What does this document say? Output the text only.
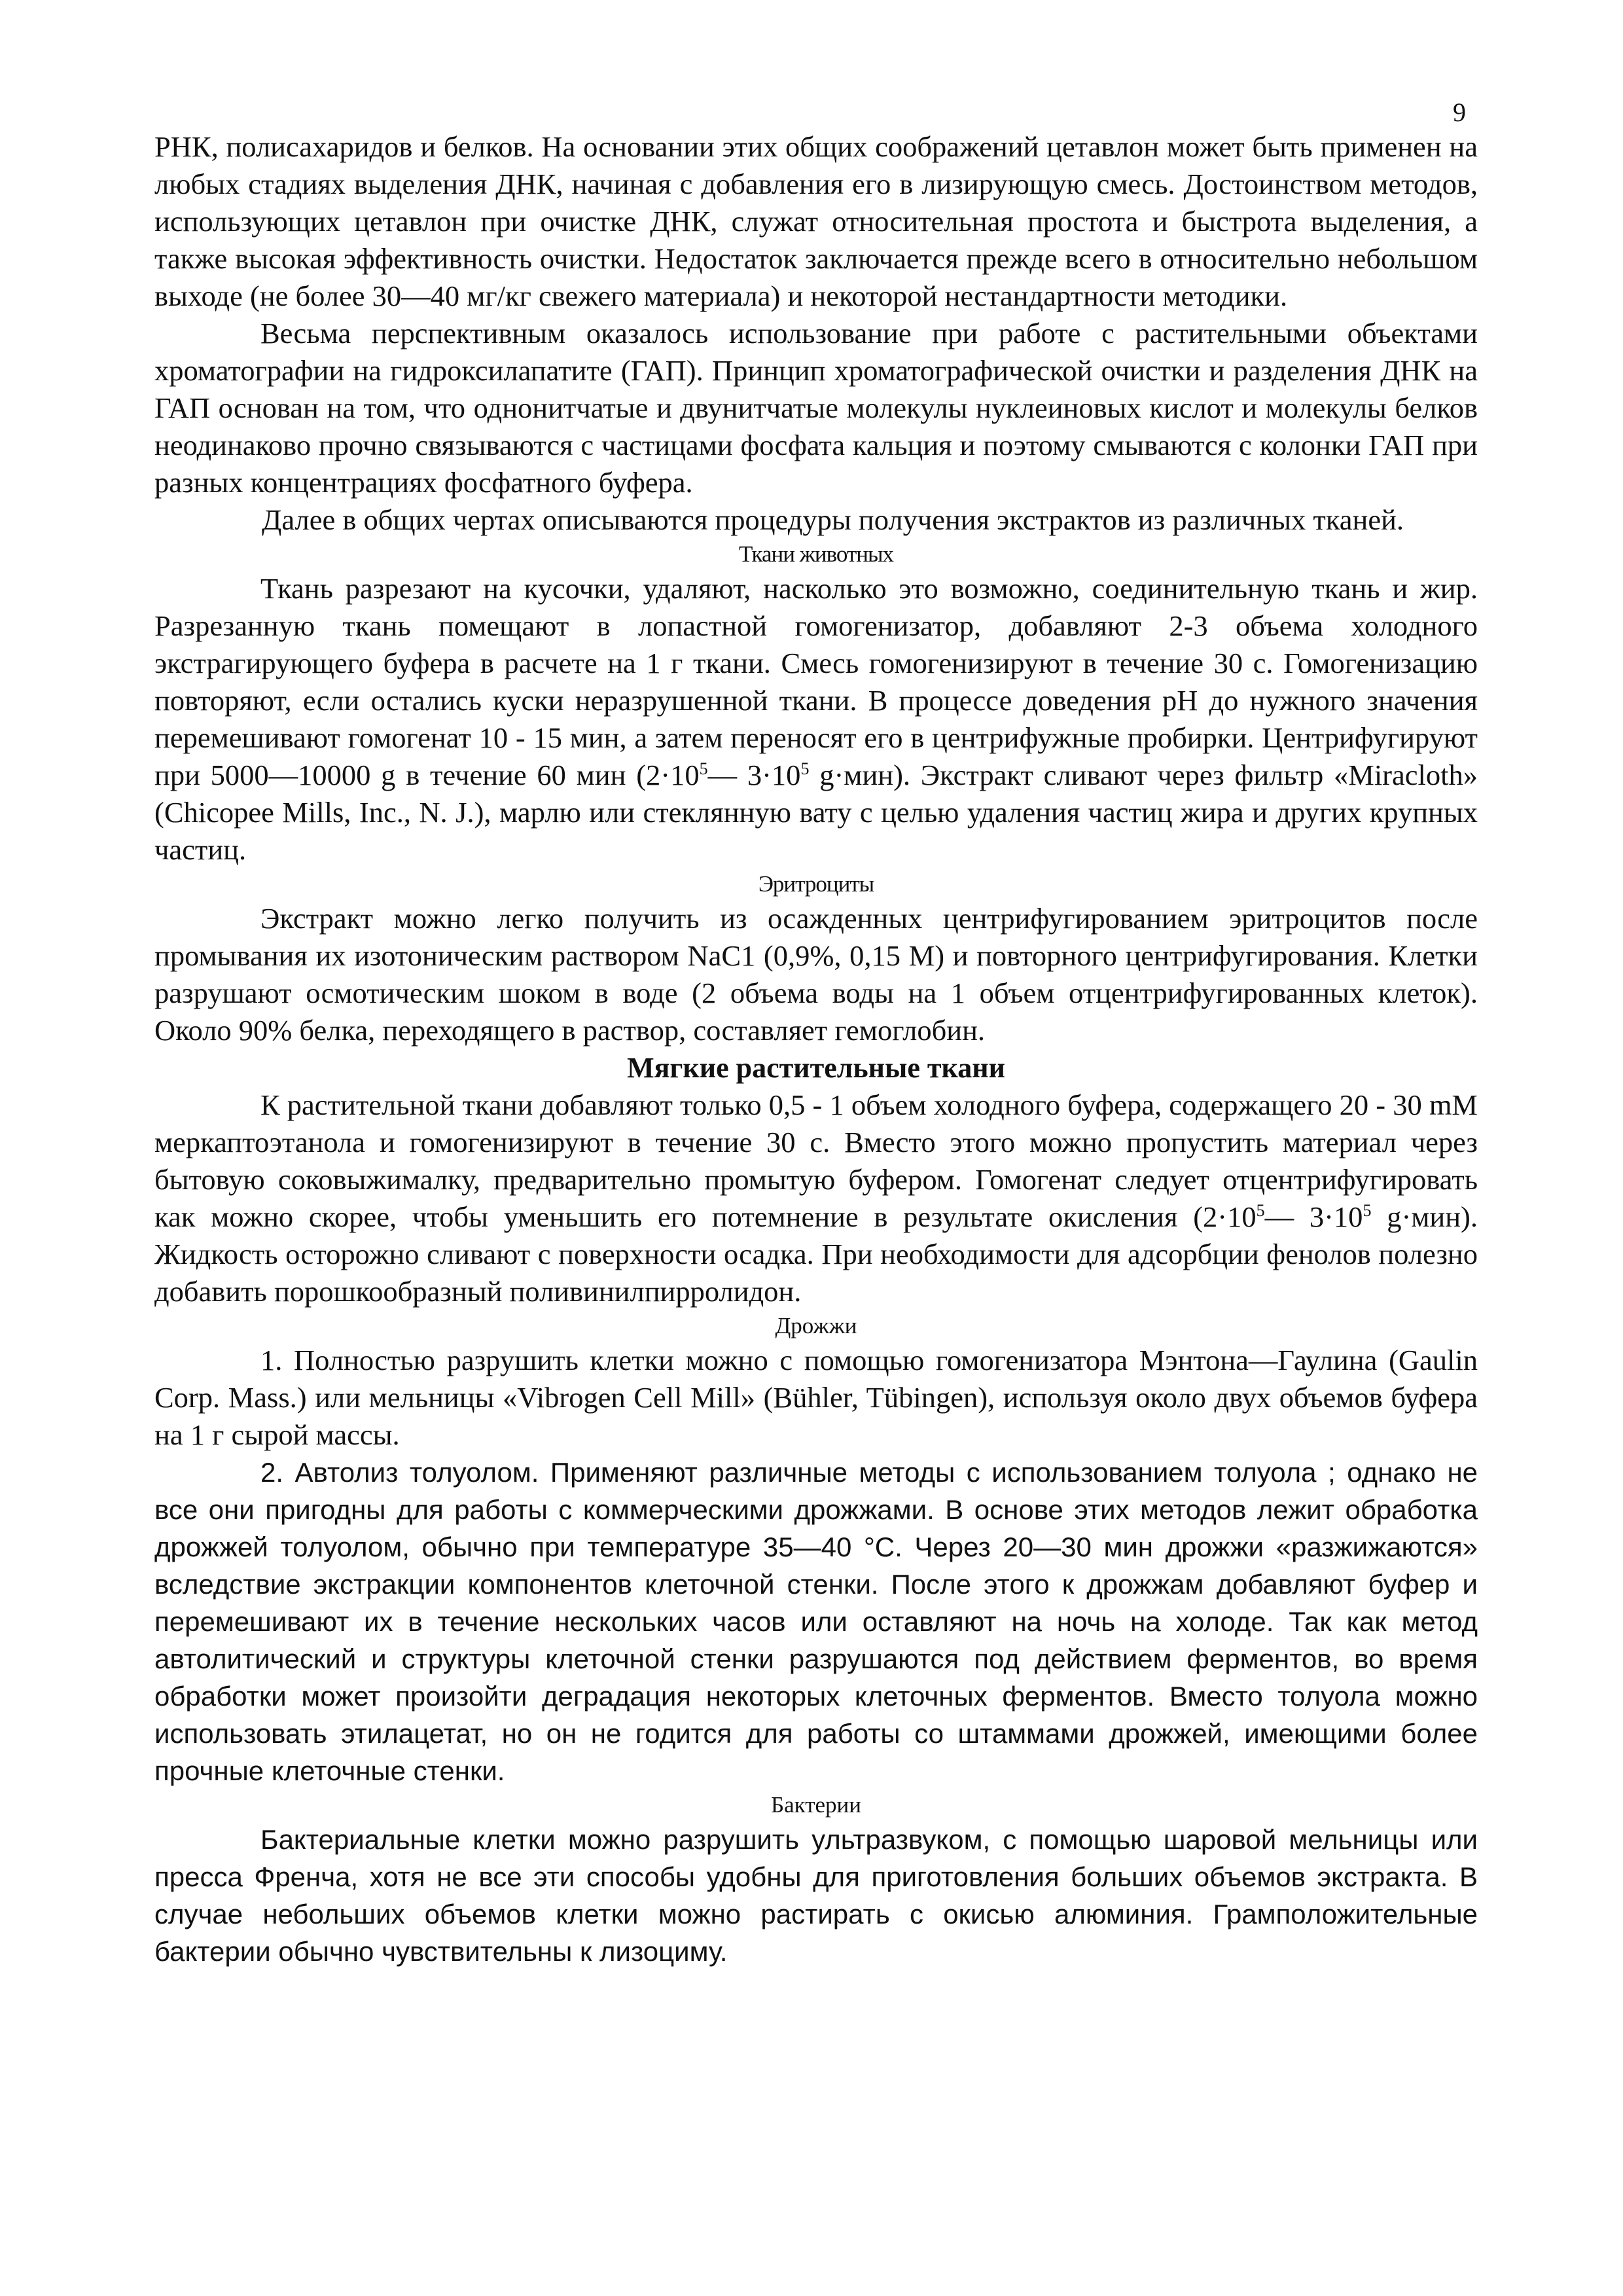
9

РНК, полисахаридов и белков. На основании этих общих соображений цетавлон может быть применен на любых стадиях выделения ДНК, начиная с добавления его в лизирующую смесь. Достоинством методов, использующих цетавлон при очистке ДНК, служат относительная простота и быстрота выделения, а также высокая эффективность очистки. Недостаток заключается прежде всего в относительно небольшом выходе (не более 30—40 мг/кг свежего материала) и некоторой нестандартности методики.

Весьма перспективным оказалось использование при работе с растительными объектами хроматографии на гидроксилапатите (ГАП). Принцип хроматографической очистки и разделения ДНК на ГАП основан на том, что однонитчатые и двунитчатые молекулы нуклеиновых кислот и молекулы белков неодинаково прочно связываются с частицами фосфата кальция и поэтому смываются с колонки ГАП при разных концентрациях фосфатного буфера.

Далее в общих чертах описываются процедуры получения экстрактов из различных тканей.

Ткани животных

Ткань разрезают на кусочки, удаляют, насколько это возможно, соединительную ткань и жир. Разрезанную ткань помещают в лопастной гомогенизатор, добавляют 2-3 объема холодного экстрагирующего буфера в расчете на 1 г ткани. Смесь гомогенизируют в течение 30 с. Гомогенизацию повторяют, если остались куски неразрушенной ткани. В процессе доведения рН до нужного значения перемешивают гомогенат 10 - 15 мин, а затем переносят его в центрифужные пробирки. Центрифугируют при 5000—10000 g в течение 60 мин ($2\cdot 10^5—$ $3\cdot 10^5$ g·мин). Экстракт сливают через фильтр «Miracloth» (Chicopee Mills, Inc., N. J.), марлю или стеклянную вату с целью удаления частиц жира и других крупных частиц.

Эритроциты

Экстракт можно легко получить из осажденных центрифугированием эритроцитов после промывания их изотоническим раствором NaC1 (0,9%, 0,15 М) и повторного центрифугирования. Клетки разрушают осмотическим шоком в воде (2 объема воды на 1 объем отцентрифугированных клеток). Около 90% белка, переходящего в раствор, составляет гемоглобин.

Мягкие растительные ткани

К растительной ткани добавляют только 0,5 - 1 объем холодного буфера, содержащего 20 - 30 mM меркаптоэтанола и гомогенизируют в течение 30 с. Вместо этого можно пропустить материал через бытовую соковыжималку, предварительно промытую буфером. Гомогенат следует отцентрифугировать как можно скорее, чтобы уменьшить его потемнение в результате окисления ($2\cdot 10^5—$ $3\cdot 10^5$ g·мин). Жидкость осторожно сливают с поверхности осадка. При необходимости для адсорбции фенолов полезно добавить порошкообразный поливинилпирролидон.

Дрожжи

1. Полностью разрушить клетки можно с помощью гомогенизатора Мэнтона—Гаулина (Gaulin Corp. Mass.) или мельницы «Vibrogen Cell Mill» (Bühler, Tübingen), используя около двух объемов буфера на 1 г сырой массы.

2. Автолиз толуолом. Применяют различные методы с использованием толуола ; однако не все они пригодны для работы с коммерческими дрожжами. В основе этих методов лежит обработка дрожжей толуолом, обычно при температуре 35—40 °С. Через 20—30 мин дрожжи «разжижаются» вследствие экстракции компонентов клеточной стенки. После этого к дрожжам добавляют буфер и перемешивают их в течение нескольких часов или оставляют на ночь на холоде. Так как метод автолитический и структуры клеточной стенки разрушаются под действием ферментов, во время обработки может произойти деградация некоторых клеточных ферментов. Вместо толуола можно использовать этилацетат, но он не годится для работы со штаммами дрожжей, имеющими более прочные клеточные стенки.

Бактерии

Бактериальные клетки можно разрушить ультразвуком, с помощью шаровой мельницы или пресса Френча, хотя не все эти способы удобны для приготовления больших объемов экстракта. В случае небольших объемов клетки можно растирать с окисью алюминия. Грамположительные бактерии обычно чувствительны к лизоциму.
